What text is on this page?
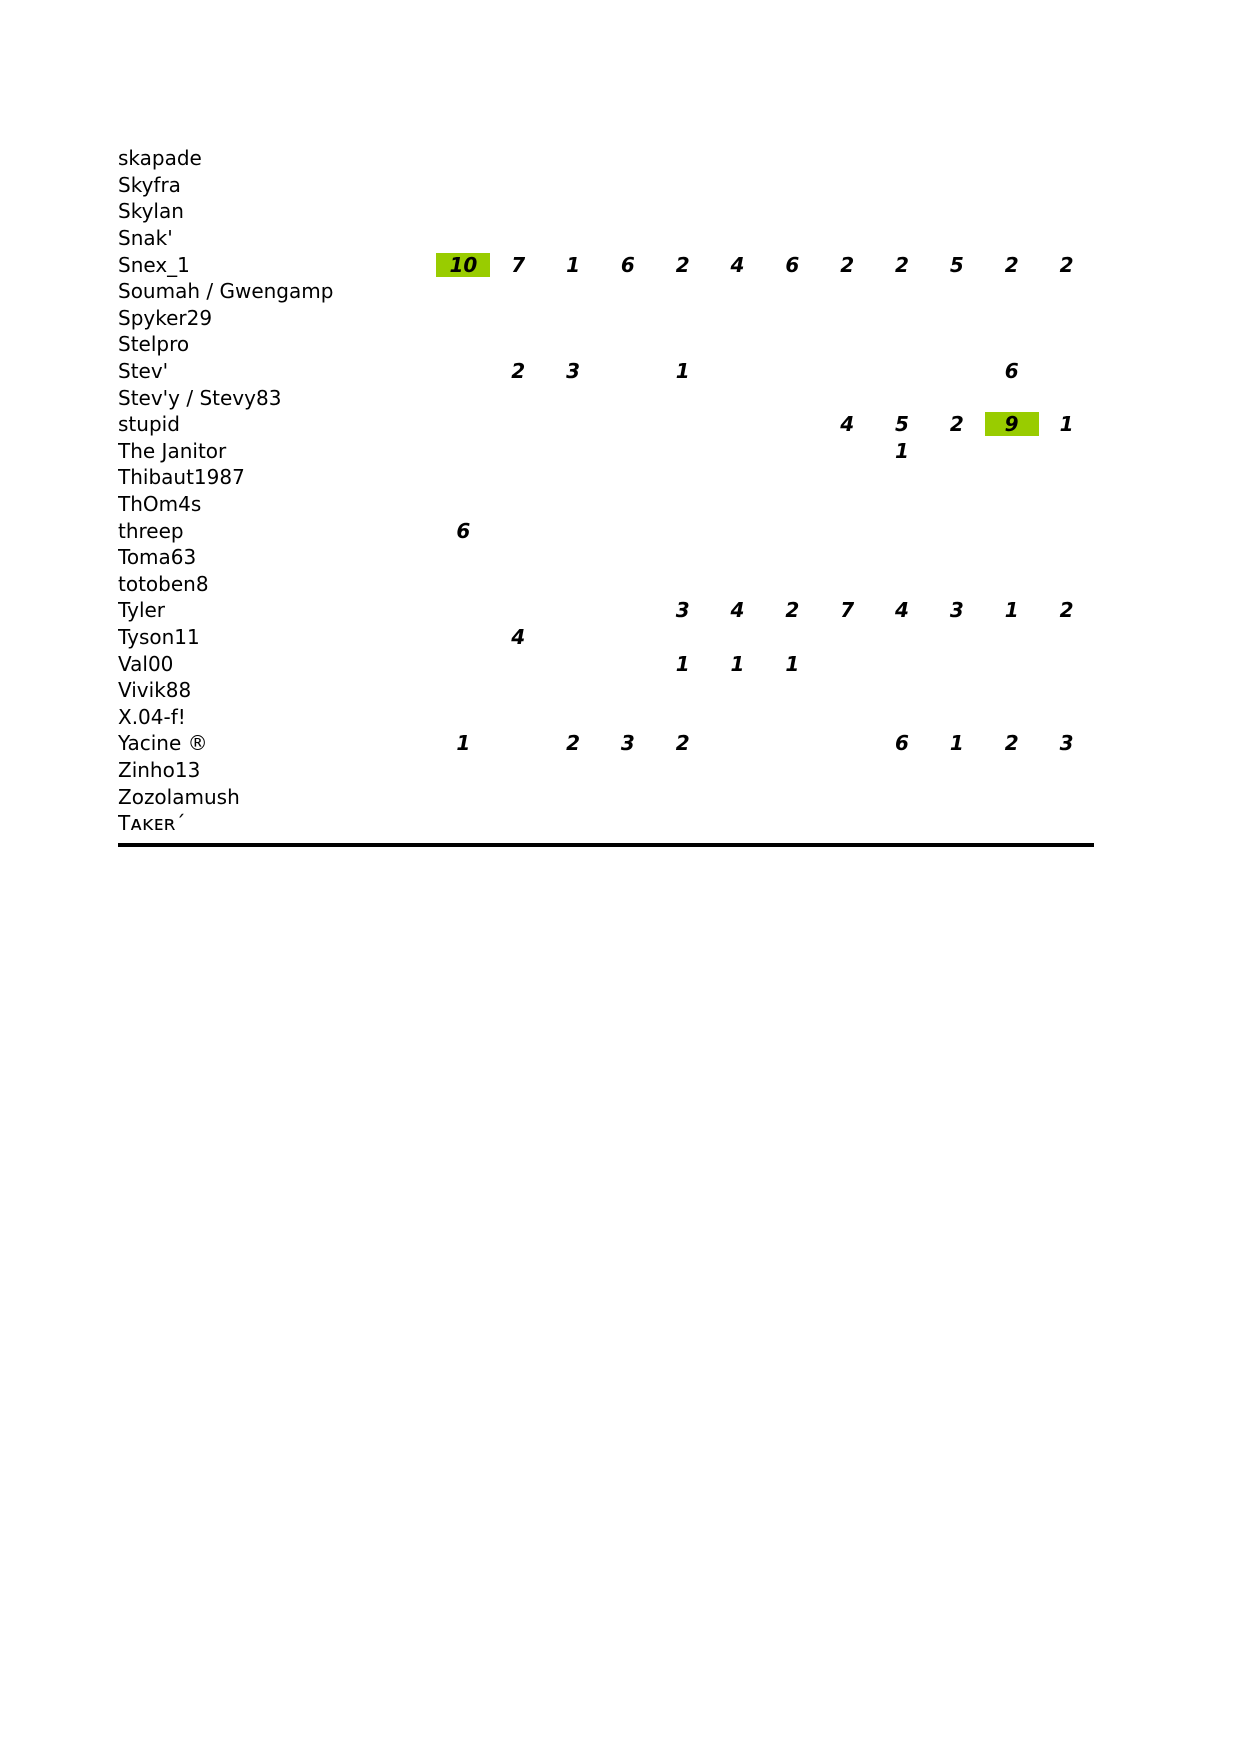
skapade												
Skyfra												
Skylan												
Snak'												
Snex_1	10	7	1	6	2	4	6	2	2	5	2	2
Soumah / Gwengamp												
Spyker29												
Stelpro												
Stev'		2	3		1						6	
Stev'y / Stevy83												
stupid								4	5	2	9	1
The Janitor									1			
Thibaut1987												
ThOm4s												
threep	6											
Toma63												
totoben8												
Tyler					3	4	2	7	4	3	1	2
Tyson11		4										
Val00					1	1	1					
Vivik88												
X.04-f!												
Yacine ®	1		2	3	2				6	1	2	3
Zinho13												
Zozolamush												
Tᴀᴋᴇʀ´												
